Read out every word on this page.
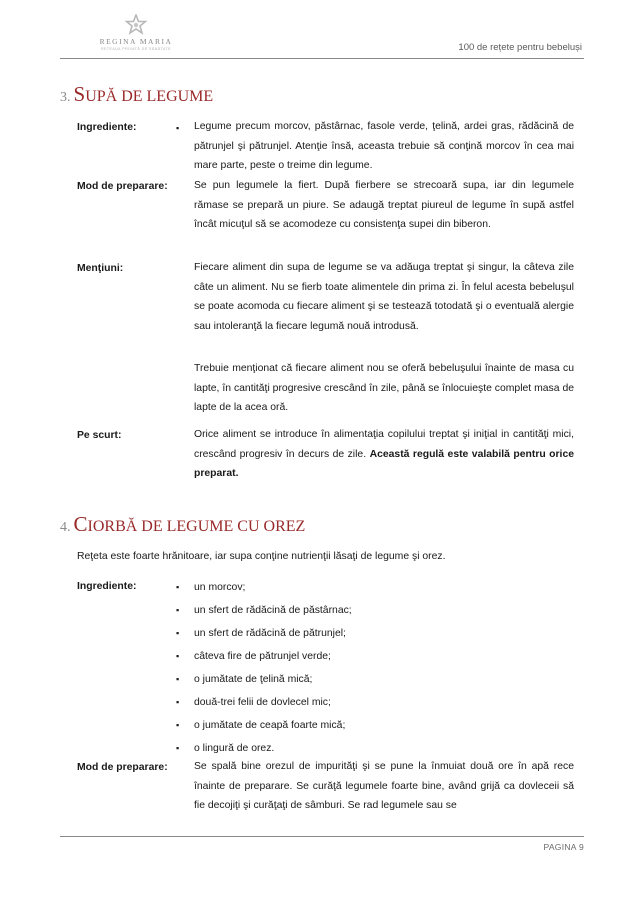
REGINA MARIA
REȚEAUA PRIVATĂ DE SĂNĂTATE	100 de rețete pentru bebeluși
3. SUPĂ DE LEGUME
Ingrediente:	▪ Legume precum morcov, păstârnac, fasole verde, ţelină, ardei gras, rădăcină de pătrunjel şi pătrunjel. Atenţie însă, aceasta trebuie să conţină morcov în cea mai mare parte, peste o treime din legume.
Mod de preparare:	Se pun legumele la fiert. După fierbere se strecoară supa, iar din legumele rămase se prepară un piure. Se adaugă treptat piureul de legume în supă astfel încât micuţul să se acomodeze cu consistenţa supei din biberon.
Menţiuni:	Fiecare aliment din supa de legume se va adăuga treptat şi singur, la câteva zile câte un aliment. Nu se fierb toate alimentele din prima zi. În felul acesta bebeluşul se poate acomoda cu fiecare aliment şi se testează totodată şi o eventuală alergie sau intoleranţă la fiecare legumă nouă introdusă.
Trebuie menţionat că fiecare aliment nou se oferă bebeluşului înainte de masa cu lapte, în cantităţi progresive crescând în zile, până se înlocuieşte complet masa de lapte de la acea oră.
Pe scurt:	Orice aliment se introduce în alimentaţia copilului treptat şi iniţial in cantităţi mici, crescând progresiv în decurs de zile. Această regulă este valabilă pentru orice preparat.
4. CIORBĂ DE LEGUME CU OREZ
Reţeta este foarte hrănitoare, iar supa conţine nutrienţii lăsaţi de legume şi orez.
Ingrediente:	▪ un morcov;
▪ un sfert de rădăcină de păstârnac;
▪ un sfert de rădăcină de pătrunjel;
▪ câteva fire de pătrunjel verde;
▪ o jumătate de ţelină mică;
▪ două-trei felii de dovlecel mic;
▪ o jumătate de ceapă foarte mică;
▪ o lingură de orez.
Mod de preparare:	Se spală bine orezul de impurităţi şi se pune la înmuiat două ore în apă rece înainte de preparare. Se curăţă legumele foarte bine, având grijă ca dovleceii să fie decojiţi şi curăţaţi de sâmburi. Se rad legumele sau se
PAGINA 9
